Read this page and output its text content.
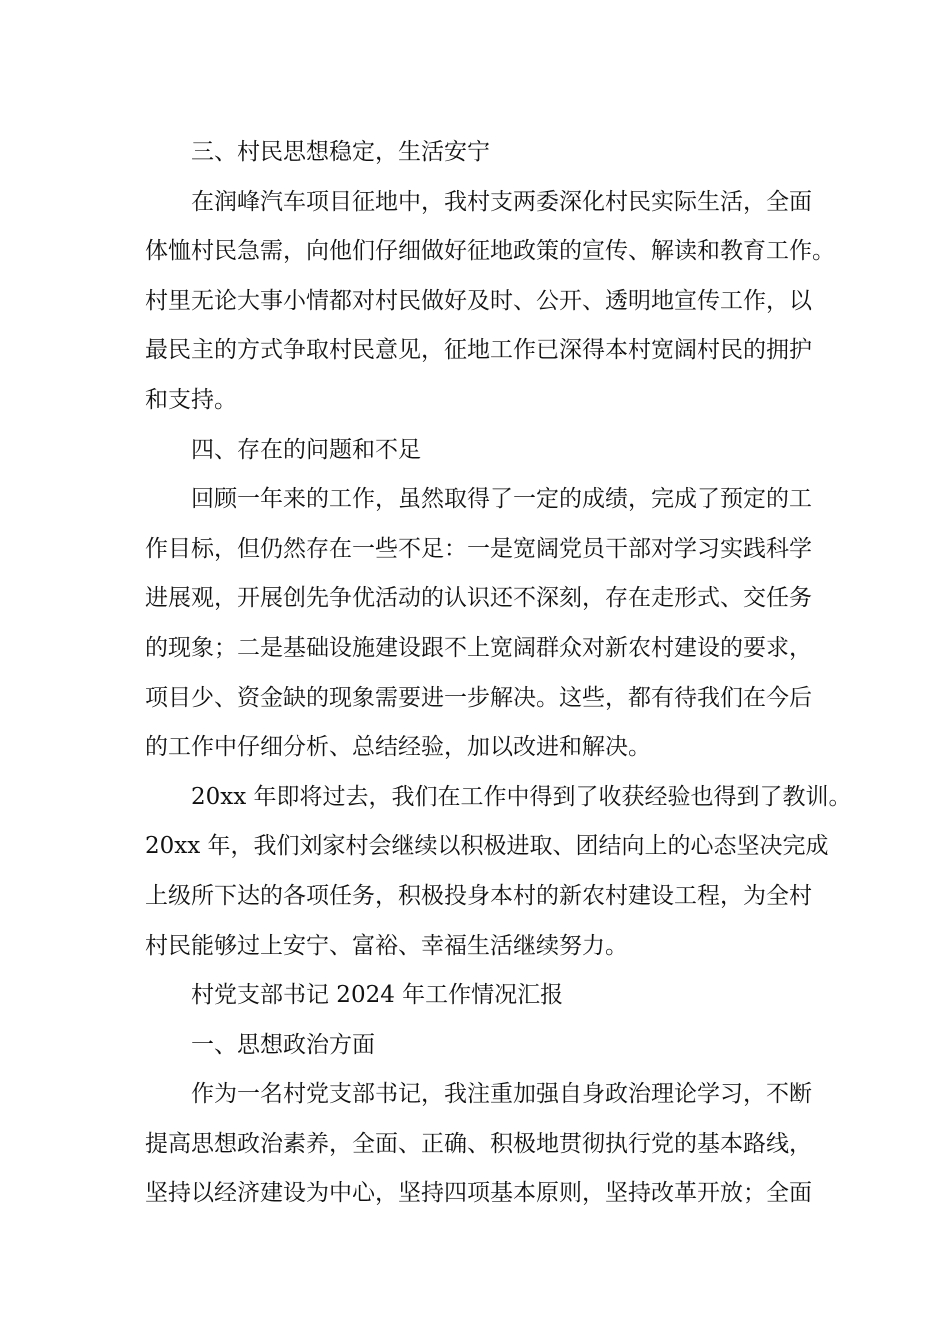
三、村民思想稳定，生活安宁
在润峰汽车项目征地中，我村支两委深化村民实际生活，全面
体恤村民急需，向他们仔细做好征地政策的宣传、解读和教育工作。
村里无论大事小情都对村民做好及时、公开、透明地宣传工作，以
最民主的方式争取村民意见，征地工作已深得本村宽阔村民的拥护
和支持。
四、存在的问题和不足
回顾一年来的工作，虽然取得了一定的成绩，完成了预定的工
作目标，但仍然存在一些不足：一是宽阔党员干部对学习实践科学
进展观，开展创先争优活动的认识还不深刻，存在走形式、交任务
的现象；二是基础设施建设跟不上宽阔群众对新农村建设的要求，
项目少、资金缺的现象需要进一步解决。这些，都有待我们在今后
的工作中仔细分析、总结经验，加以改进和解决。
20xx 年即将过去，我们在工作中得到了收获经验也得到了教训。
20xx 年，我们刘家村会继续以积极进取、团结向上的心态坚决完成
上级所下达的各项任务，积极投身本村的新农村建设工程，为全村
村民能够过上安宁、富裕、幸福生活继续努力。
村党支部书记 2024 年工作情况汇报
一、思想政治方面
作为一名村党支部书记，我注重加强自身政治理论学习，不断
提高思想政治素养，全面、正确、积极地贯彻执行党的基本路线，
坚持以经济建设为中心，坚持四项基本原则，坚持改革开放；全面
